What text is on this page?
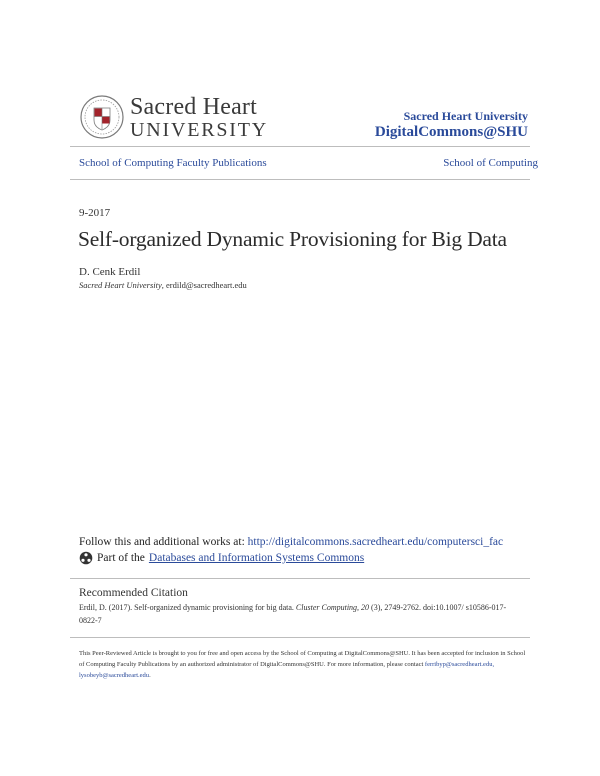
Sacred Heart
UNIVERSITY
Sacred Heart University
DigitalCommons@SHU
School of Computing Faculty Publications	School of Computing
9-2017
Self-organized Dynamic Provisioning for Big Data
D. Cenk Erdil
Sacred Heart University, erdild@sacredheart.edu
Follow this and additional works at: http://digitalcommons.sacredheart.edu/computersci_fac
Part of the Databases and Information Systems Commons
Recommended Citation
Erdil, D. (2017). Self-organized dynamic provisioning for big data. Cluster Computing, 20 (3), 2749-2762. doi:10.1007/ s10586-017-0822-7
This Peer-Reviewed Article is brought to you for free and open access by the School of Computing at DigitalCommons@SHU. It has been accepted for inclusion in School of Computing Faculty Publications by an authorized administrator of DigitalCommons@SHU. For more information, please contact ferribyp@sacredheart.edu, lysobeyb@sacredheart.edu.
